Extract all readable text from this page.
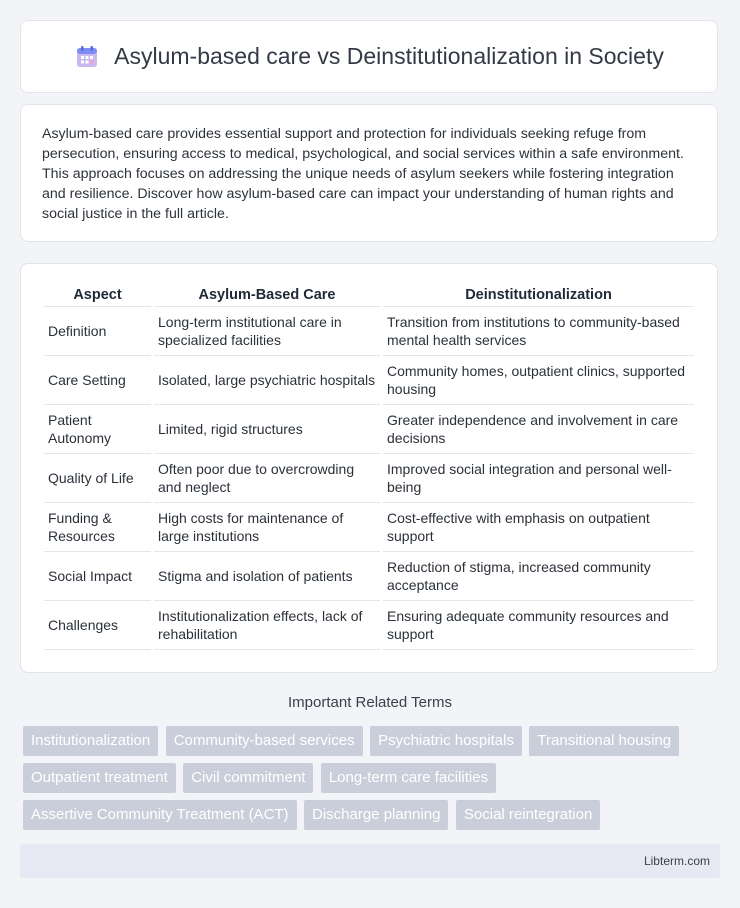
Asylum-based care vs Deinstitutionalization in Society

Asylum-based care provides essential support and protection for individuals seeking refuge from persecution, ensuring access to medical, psychological, and social services within a safe environment. This approach focuses on addressing the unique needs of asylum seekers while fostering integration and resilience. Discover how asylum-based care can impact your understanding of human rights and social justice in the full article.

Aspect	Asylum-Based Care	Deinstitutionalization
Definition	Long-term institutional care in specialized facilities	Transition from institutions to community-based mental health services
Care Setting	Isolated, large psychiatric hospitals	Community homes, outpatient clinics, supported housing
Patient Autonomy	Limited, rigid structures	Greater independence and involvement in care decisions
Quality of Life	Often poor due to overcrowding and neglect	Improved social integration and personal well-being
Funding & Resources	High costs for maintenance of large institutions	Cost-effective with emphasis on outpatient support
Social Impact	Stigma and isolation of patients	Reduction of stigma, increased community acceptance
Challenges	Institutionalization effects, lack of rehabilitation	Ensuring adequate community resources and support
Important Related Terms
Institutionalization Community-based services Psychiatric hospitals Transitional housing Outpatient treatment Civil commitment Long-term care facilities Assertive Community Treatment (ACT) Discharge planning Social reintegration
Libterm.com
